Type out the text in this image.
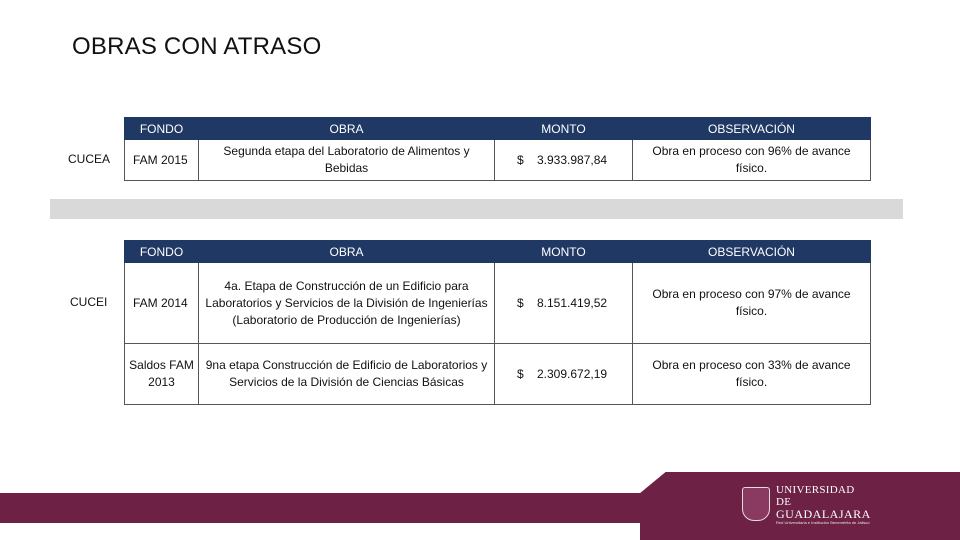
OBRAS CON ATRASO
CUCEA
FONDO	OBRA	MONTO	OBSERVACIÓN
FAM 2015	Segunda etapa del Laboratorio de Alimentos y Bebidas	$ 3.933.987,84	Obra en proceso con 96% de avance físico.
CUCEI
FONDO	OBRA	MONTO	OBSERVACIÓN
FAM 2014	4a. Etapa de Construcción de un Edificio para Laboratorios y Servicios de la División de Ingenierías (Laboratorio de Producción de Ingenierías)	$ 8.151.419,52	Obra en proceso con 97% de avance físico.
Saldos FAM 2013	9na etapa Construcción de Edificio de Laboratorios y Servicios de la División de Ciencias Básicas	$ 2.309.672,19	Obra en proceso con 33% de avance físico.
UNIVERSIDAD DE
GUADALAJARA
Red Universitaria e Institución Benemérita de Jalisco
